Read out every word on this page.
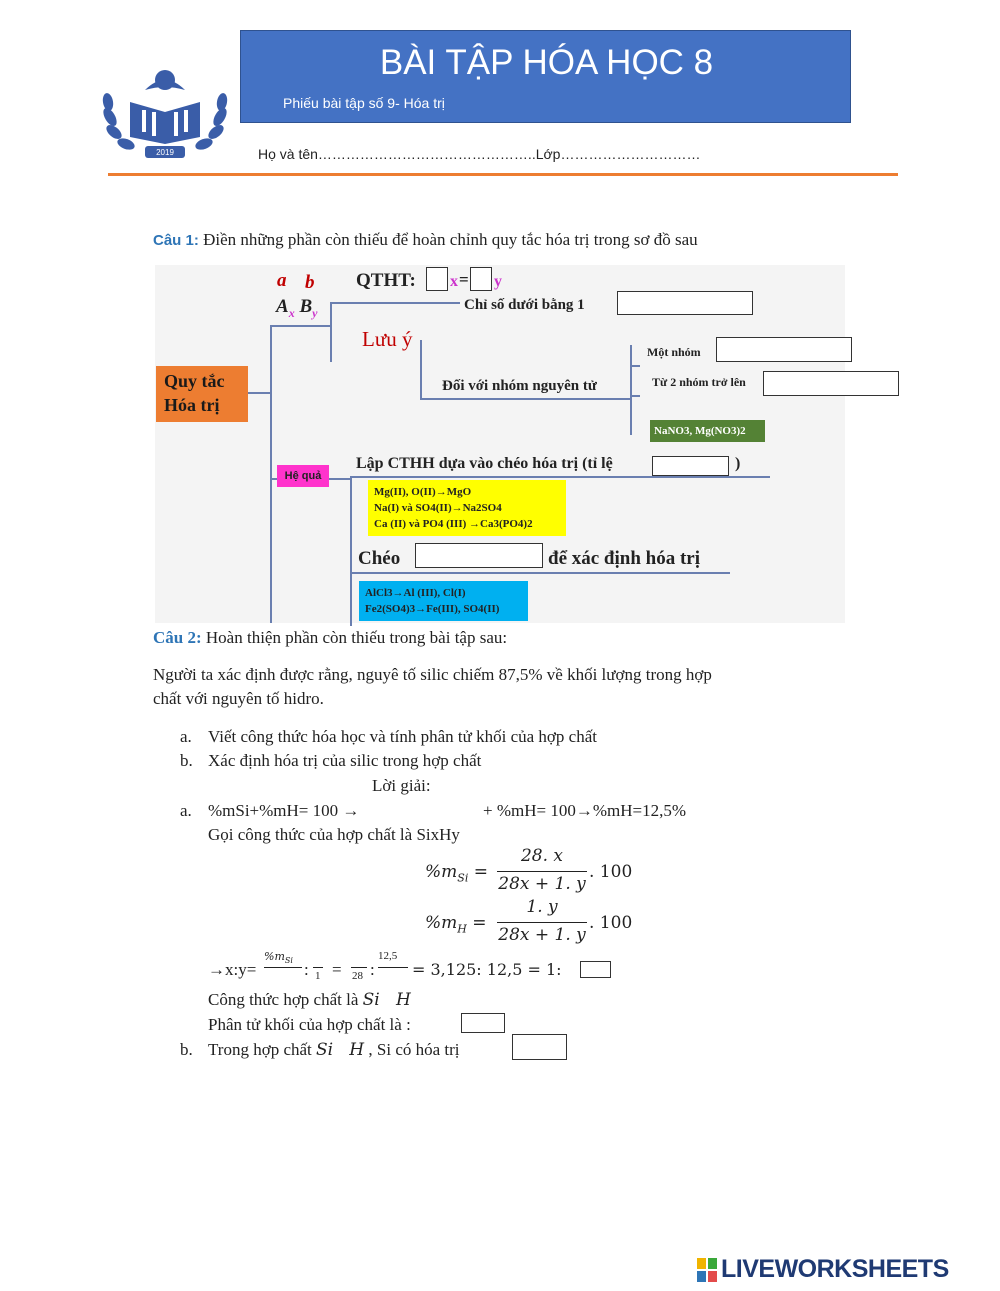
2019
BÀI TẬP HÓA HỌC 8
Phiếu bài tập số 9- Hóa trị
Họ và tên………………………………………..Lớp…………………………
Câu 1: Điền những phần còn thiếu để hoàn chỉnh quy tắc hóa trị trong sơ đồ sau
Quy tắc
Hóa trị
a b
$A_x$ $B_y$
QTHT: x = y
Chỉ số dưới bằng 1
Lưu ý
Đối với nhóm nguyên tử
Một nhóm
Từ 2 nhóm trở lên
NaNO3, Mg(NO3)2
Hệ quả
Lập CTHH dựa vào chéo hóa trị (tỉ lệ	)
Mg(II), O(II)→MgO
Na(I) và SO4(II)→Na2SO4
Ca (II) và PO4 (III) →Ca3(PO4)2
Chéo	để xác định hóa trị
AlCl3→Al (III), Cl(I)
Fe2(SO4)3→Fe(III), SO4(II)
Câu 2: Hoàn thiện phần còn thiếu trong bài tập sau:
Người ta xác định được rằng, nguyê tố silic chiếm 87,5% về khối lượng trong hợp
chất với nguyên tố hidro.
a. Viết công thức hóa học và tính phân tử khối của hợp chất
b. Xác định hóa trị của silic trong hợp chất
Lời giải:
a. %mSi+%mH= 100 →	+ %mH= 100→%mH=12,5%
Gọi công thức của hợp chất là SixHy
$\%m_{Si}$ =
28. x
28x + 1. y
. 100
$\%m_H$ =
1. y
28x + 1. y
. 100
→x:y=
$\%m_{Si}$ : 1 = 28 :
12,5
= 3,125: 12,5 = 1:
Công thức hợp chất là Si   H
Phân tử khối của hợp chất là :
b. Trong hợp chất Si   H , Si có hóa trị
LIVEWORKSHEETS
